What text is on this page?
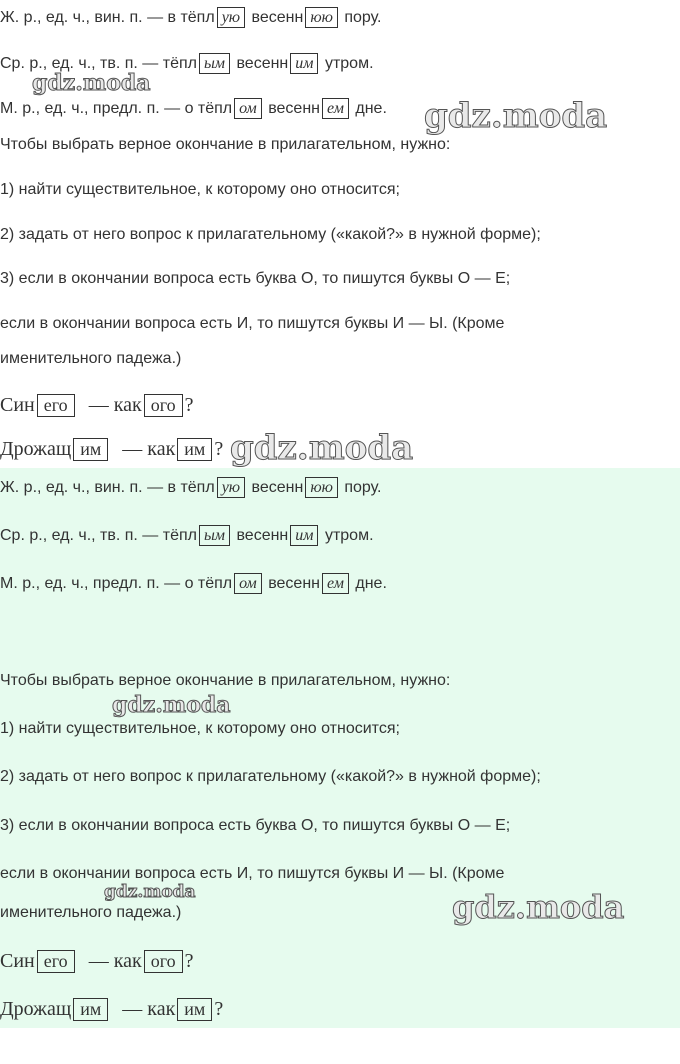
Ж. р., ед. ч., вин. п. — в тёпл ую весенн юю пору.
Ср. р., ед. ч., тв. п. — тёпл ым весенн им утром.
М. р., ед. ч., предл. п. — о тёпл ом весенн ем дне.
Чтобы выбрать верное окончание в прилагательном, нужно:
1) найти существительное, к которому оно относится;
2) задать от него вопрос к прилагательному («какой?» в нужной форме);
3) если в окончании вопроса есть буква О, то пишутся буквы О — Е;
если в окончании вопроса есть И, то пишутся буквы И — Ы. (Кроме
именительного падежа.)
Син его — как ого ?
Дрожащ им — как им ?
gdz.moda
gdz.moda
gdz.moda
Ж. р., ед. ч., вин. п. — в тёпл ую весенн юю пору.
Ср. р., ед. ч., тв. п. — тёпл ым весенн им утром.
М. р., ед. ч., предл. п. — о тёпл ом весенн ем дне.
Чтобы выбрать верное окончание в прилагательном, нужно:
1) найти существительное, к которому оно относится;
2) задать от него вопрос к прилагательному («какой?» в нужной форме);
3) если в окончании вопроса есть буква О, то пишутся буквы О — Е;
если в окончании вопроса есть И, то пишутся буквы И — Ы. (Кроме
именительного падежа.)
Син его — как ого ?
Дрожащ им — как им ?
gdz.moda
gdz.moda	gdz.moda
